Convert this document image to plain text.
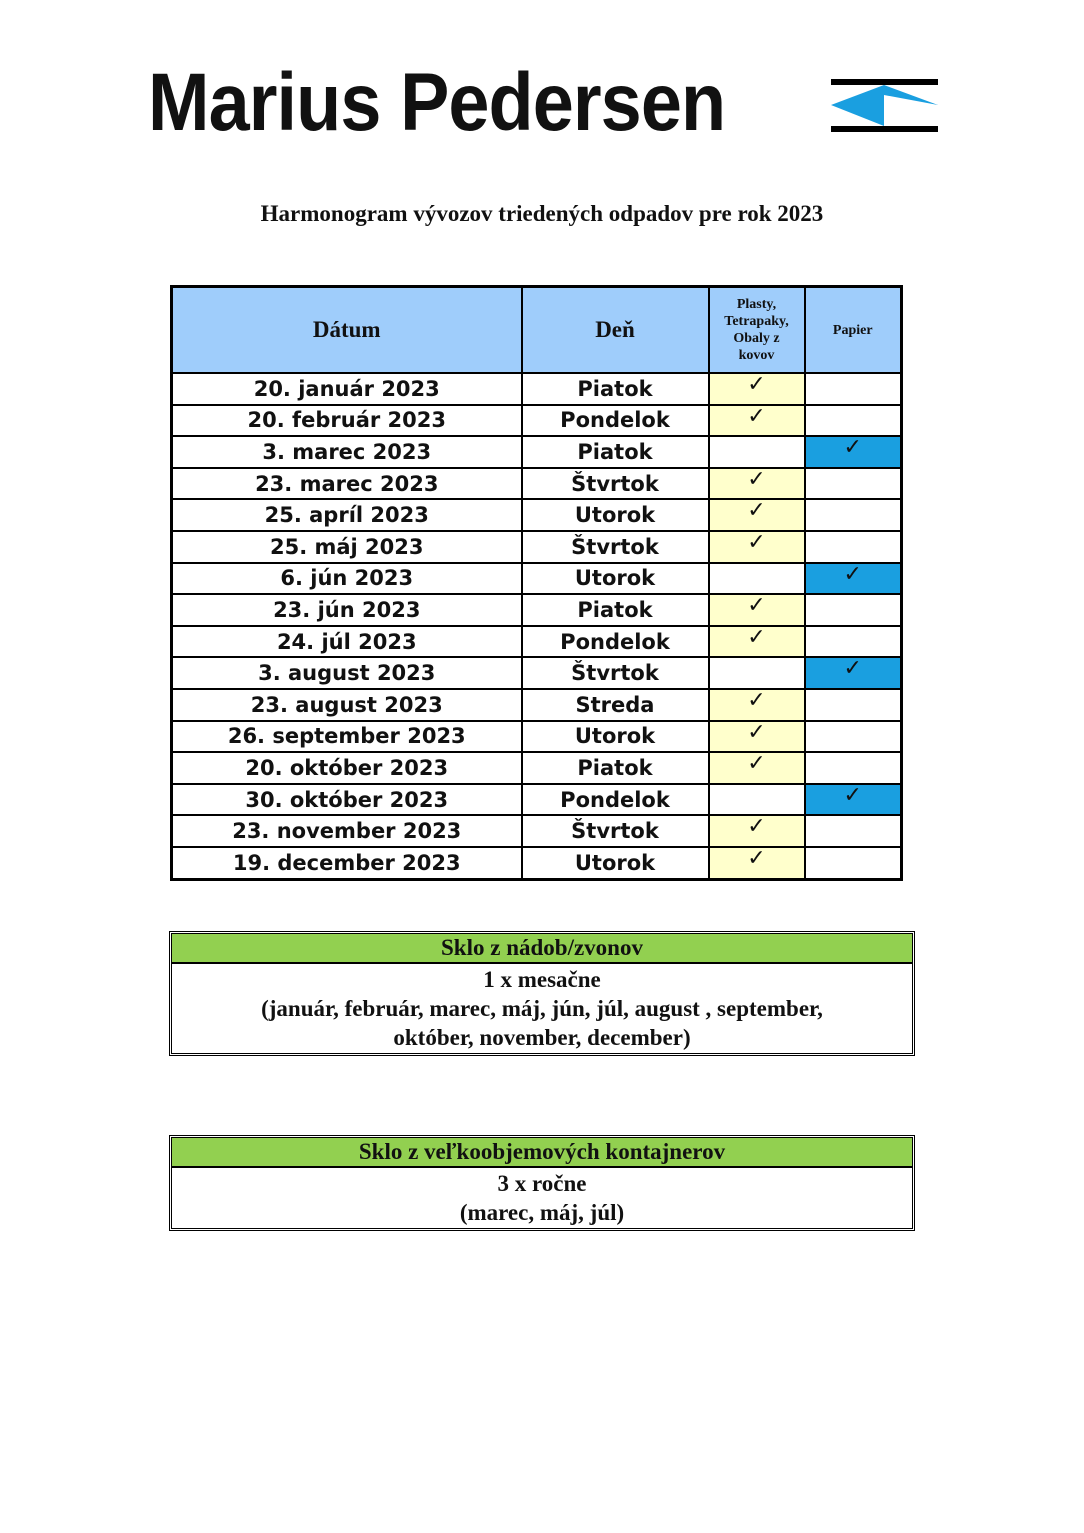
Marius Pedersen
Harmonogram vývozov triedených odpadov pre rok 2023
Dátum	Deň	Plasty,
Tetrapaky,
Obaly z
kovov	Papier
20. január 2023	Piatok	✓	
20. február 2023	Pondelok	✓	
3. marec 2023	Piatok		✓
23. marec 2023	Štvrtok	✓	
25. apríl 2023	Utorok	✓	
25. máj 2023	Štvrtok	✓	
6. jún 2023	Utorok		✓
23. jún 2023	Piatok	✓	
24. júl 2023	Pondelok	✓	
3. august 2023	Štvrtok		✓
23. august 2023	Streda	✓	
26. september 2023	Utorok	✓	
20. október 2023	Piatok	✓	
30. október 2023	Pondelok		✓
23. november 2023	Štvrtok	✓	
19. december 2023	Utorok	✓	
Sklo z nádob/zvonov
1 x mesačne
(január, február, marec, máj, jún, júl, august , september,
október, november, december)
Sklo z veľkoobjemových kontajnerov
3 x ročne
(marec, máj, júl)
